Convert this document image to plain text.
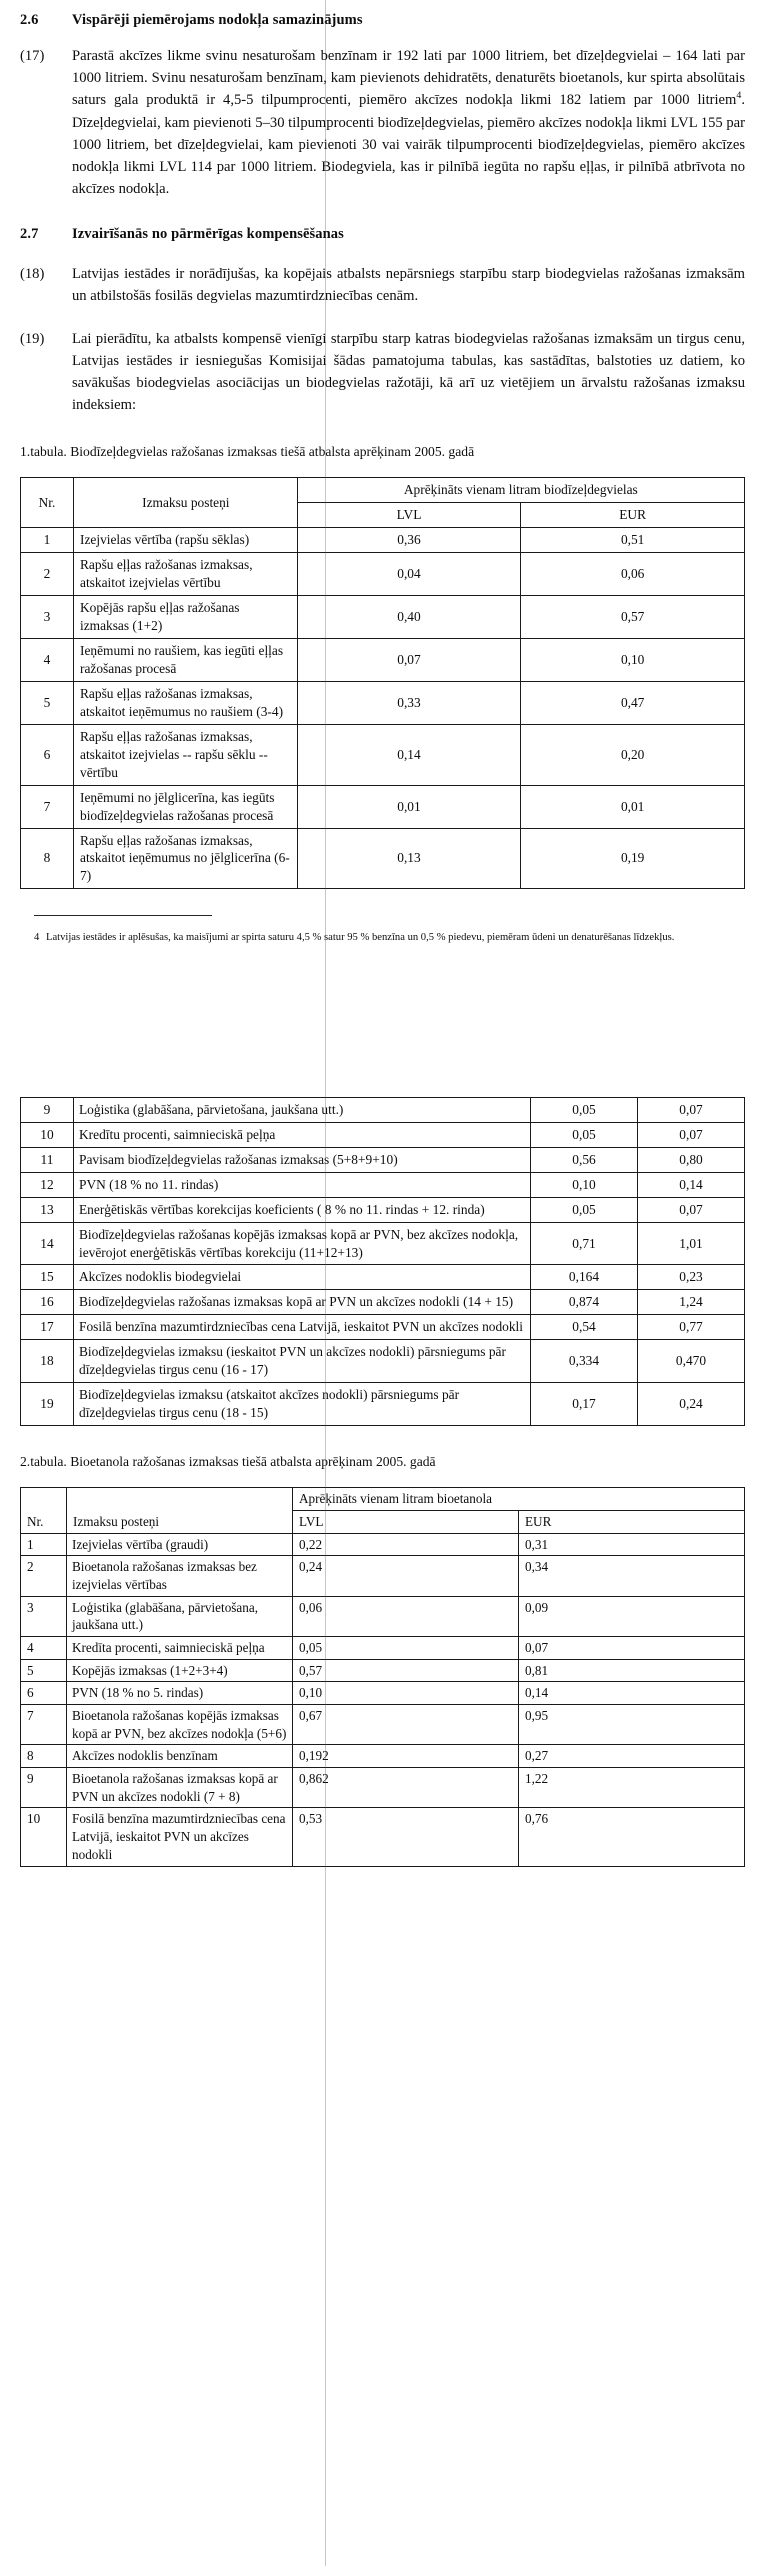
2.6	Vispārēji piemērojams nodokļa samazinājums
(17)	Parastā akcīzes likme svinu nesaturošam benzīnam ir 192 lati par 1000 litriem, bet dīzeļdegvielai – 164 lati par 1000 litriem. Svinu nesaturošam benzīnam, kam pievienots dehidratēts, denaturēts bioetanols, kur spirta absolūtais saturs gala produktā ir 4,5-5 tilpumprocenti, piemēro akcīzes nodokļa likmi 182 latiem par 1000 litriem$^4$. Dīzeļdegvielai, kam pievienoti 5–30 tilpumprocenti biodīzeļdegvielas, piemēro akcīzes nodokļa likmi LVL 155 par 1000 litriem, bet dīzeļdegvielai, kam pievienoti 30 vai vairāk tilpumprocenti biodīzeļdegvielas, piemēro akcīzes nodokļa likmi LVL 114 par 1000 litriem. Biodegviela, kas ir pilnībā iegūta no rapšu eļļas, ir pilnībā atbrīvota no akcīzes nodokļa.
2.7	Izvairīšanās no pārmērīgas kompensēšanas
(18)	Latvijas iestādes ir norādījušas, ka kopējais atbalsts nepārsniegs starpību starp biodegvielas ražošanas izmaksām un atbilstošās fosilās degvielas mazumtirdzniecības cenām.
(19)	Lai pierādītu, ka atbalsts kompensē vienīgi starpību starp katras biodegvielas ražošanas izmaksām un tirgus cenu, Latvijas iestādes ir iesniegušas Komisijai šādas pamatojuma tabulas, kas sastādītas, balstoties uz datiem, ko savākušas biodegvielas asociācijas un biodegvielas ražotāji, kā arī uz vietējiem un ārvalstu ražošanas izmaksu indeksiem:

1.tabula. Biodīzeļdegvielas ražošanas izmaksas tiešā atbalsta aprēķinam 2005. gadā

Nr.	Izmaksu posteņi	Aprēķināts vienam litram biodīzeļdegvielas	
		LVL	EUR
1	Izejvielas vērtība (rapšu sēklas)	0,36	0,51
2	Rapšu eļļas ražošanas izmaksas, atskaitot izejvielas vērtību	0,04	0,06
3	Kopējās rapšu eļļas ražošanas izmaksas (1+2)	0,40	0,57
4	Ieņēmumi no raušiem, kas iegūti eļļas ražošanas procesā	0,07	0,10
5	Rapšu eļļas ražošanas izmaksas, atskaitot ieņēmumus no raušiem (3-4)	0,33	0,47
6	Rapšu eļļas ražošanas izmaksas, atskaitot izejvielas -- rapšu sēklu -- vērtību	0,14	0,20
7	Ieņēmumi no jēlglicerīna, kas iegūts biodīzeļdegvielas ražošanas procesā	0,01	0,01
8	Rapšu eļļas ražošanas izmaksas, atskaitot ieņēmumus no jēlglicerīna (6-7)	0,13	0,19
4 Latvijas iestādes ir aplēsušas, ka maisījumi ar spirta saturu 4,5 % satur 95 % benzīna un 0,5 % piedevu, piemēram ūdeni un denaturēšanas līdzekļus.
9	Loģistika (glabāšana, pārvietošana, jaukšana utt.)	0,05	0,07
10	Kredītu procenti, saimnieciskā peļņa	0,05	0,07
11	Pavisam biodīzeļdegvielas ražošanas izmaksas (5+8+9+10)	0,56	0,80
12	PVN (18 % no 11. rindas)	0,10	0,14
13	Enerģētiskās vērtības korekcijas koeficients ( 8 % no 11. rindas + 12. rinda)	0,05	0,07
14	Biodīzeļdegvielas ražošanas kopējās izmaksas kopā ar PVN, bez akcīzes nodokļa, ievērojot enerģētiskās vērtības korekciju (11+12+13)	0,71	1,01
15	Akcīzes nodoklis biodegvielai	0,164	0,23
16	Biodīzeļdegvielas ražošanas izmaksas kopā ar PVN un akcīzes nodokli (14 + 15)	0,874	1,24
17	Fosilā benzīna mazumtirdzniecības cena Latvijā, ieskaitot PVN un akcīzes nodokli	0,54	0,77
18	Biodīzeļdegvielas izmaksu (ieskaitot PVN un akcīzes nodokli) pārsniegums pār dīzeļdegvielas tirgus cenu (16 - 17)	0,334	0,470
19	Biodīzeļdegvielas izmaksu (atskaitot akcīzes nodokli) pārsniegums pār dīzeļdegvielas tirgus cenu (18 - 15)	0,17	0,24

2.tabula. Bioetanola ražošanas izmaksas tiešā atbalsta aprēķinam 2005. gadā

Nr.	Izmaksu posteņi	Aprēķināts vienam litram bioetanola	
		LVL	EUR
1	Izejvielas vērtība (graudi)	0,22	0,31
2	Bioetanola ražošanas izmaksas bez izejvielas vērtības	0,24	0,34
3	Loģistika (glabāšana, pārvietošana, jaukšana utt.)	0,06	0,09
4	Kredīta procenti, saimnieciskā peļņa	0,05	0,07
5	Kopējās izmaksas (1+2+3+4)	0,57	0,81
6	PVN (18 % no 5. rindas)	0,10	0,14
7	Bioetanola ražošanas kopējās izmaksas kopā ar PVN, bez akcīzes nodokļa (5+6)	0,67	0,95
8	Akcīzes nodoklis benzīnam	0,192	0,27
9	Bioetanola ražošanas izmaksas kopā ar PVN un akcīzes nodokli (7 + 8)	0,862	1,22
10	Fosilā benzīna mazumtirdzniecības cena Latvijā, ieskaitot PVN un akcīzes nodokli	0,53	0,76
